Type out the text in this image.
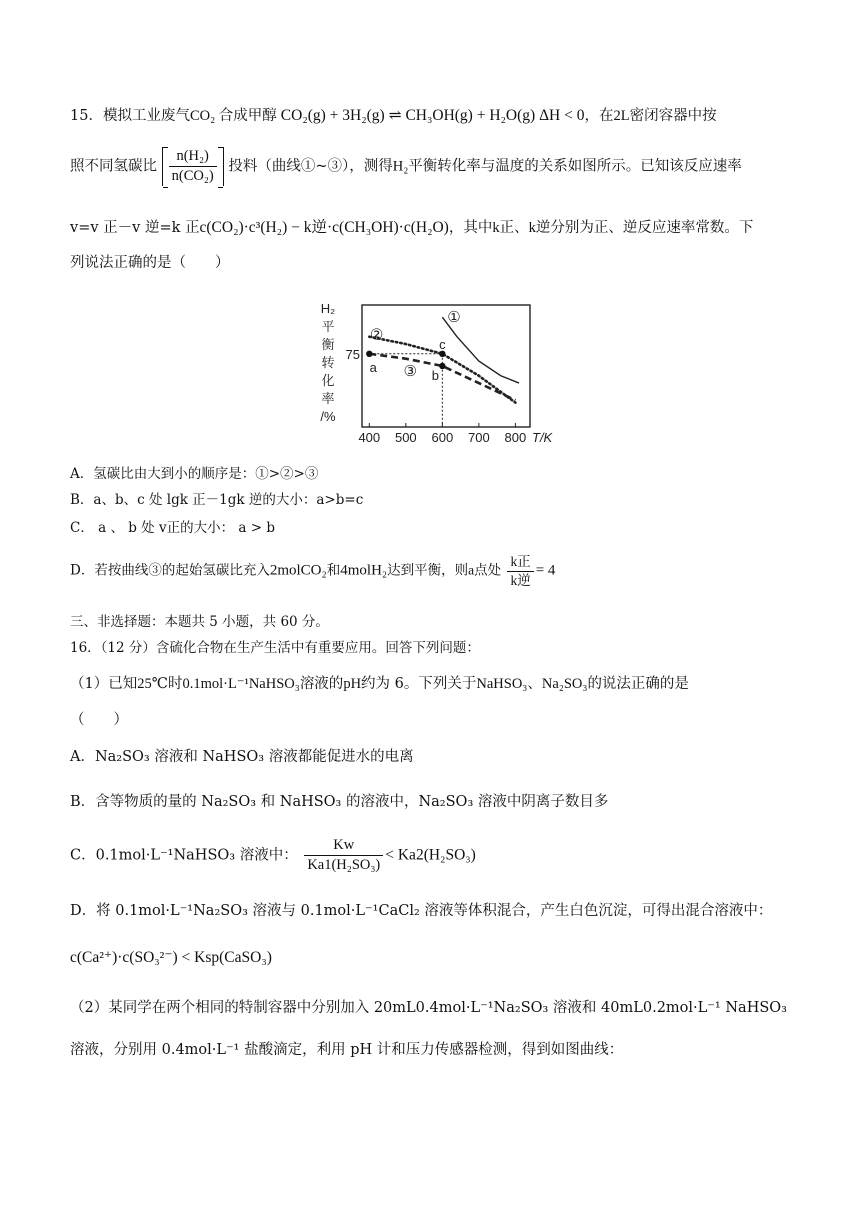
15．模拟工业废气CO₂ 合成甲醇 CO₂(g) + 3H₂(g) ⇌ CH₃OH(g) + H₂O(g) ΔH < 0，在2L密闭容器中按
照不同氢碳比 $\frac{\text{n(H₂)}}{\text{n(CO₂)}}$ 投料（曲线①~③），测得H₂平衡转化率与温度的关系如图所示。已知该反应速率
v=v 正－v 逆=k 正c(CO₂)·c³(H₂) − k逆·c(CH₃OH)·c(H₂O)，其中k正、k逆分别为正、逆反应速率常数。下
列说法正确的是（　　）
H₂
平
衡
转
化
率
/%
400 500 600 700 800 T/K
75
①
②
③
a
b
c
A．氢碳比由大到小的顺序是：①>②>③
B．a、b、c 处 lgk 正－1gk 逆的大小：a>b=c
C． a 、 b 处 v正的大小： a > b
D．若按曲线③的起始氢碳比充入2molCO₂和4molH₂达到平衡，则a点处 $\frac{\text{k正}}{\text{k逆}} = 4$
三、非选择题：本题共 5 小题，共 60 分。
16．（12 分）含硫化合物在生产生活中有重要应用。回答下列问题：
（1）已知25℃时0.1mol·L⁻¹NaHSO₃溶液的pH约为 6。下列关于NaHSO₃、Na₂SO₃的说法正确的是
（　　）
A．Na₂SO₃ 溶液和 NaHSO₃ 溶液都能促进水的电离
B．含等物质的量的 Na₂SO₃ 和 NaHSO₃ 的溶液中，Na₂SO₃ 溶液中阴离子数目多
C．0.1mol·L⁻¹NaHSO₃ 溶液中： $\frac{Kw}{\text{Ka1(H₂SO₃)}} < Ka2(H_2SO_3)$
D．将 0.1mol·L⁻¹Na₂SO₃ 溶液与 0.1mol·L⁻¹CaCl₂ 溶液等体积混合，产生白色沉淀，可得出混合溶液中：
c(Ca²⁺)·c(SO₃²⁻) < Ksp(CaSO₃)
（2）某同学在两个相同的特制容器中分别加入 20mL0.4mol·L⁻¹Na₂SO₃ 溶液和 40mL0.2mol·L⁻¹ NaHSO₃
溶液，分别用 0.4mol·L⁻¹ 盐酸滴定，利用 pH 计和压力传感器检测，得到如图曲线：
